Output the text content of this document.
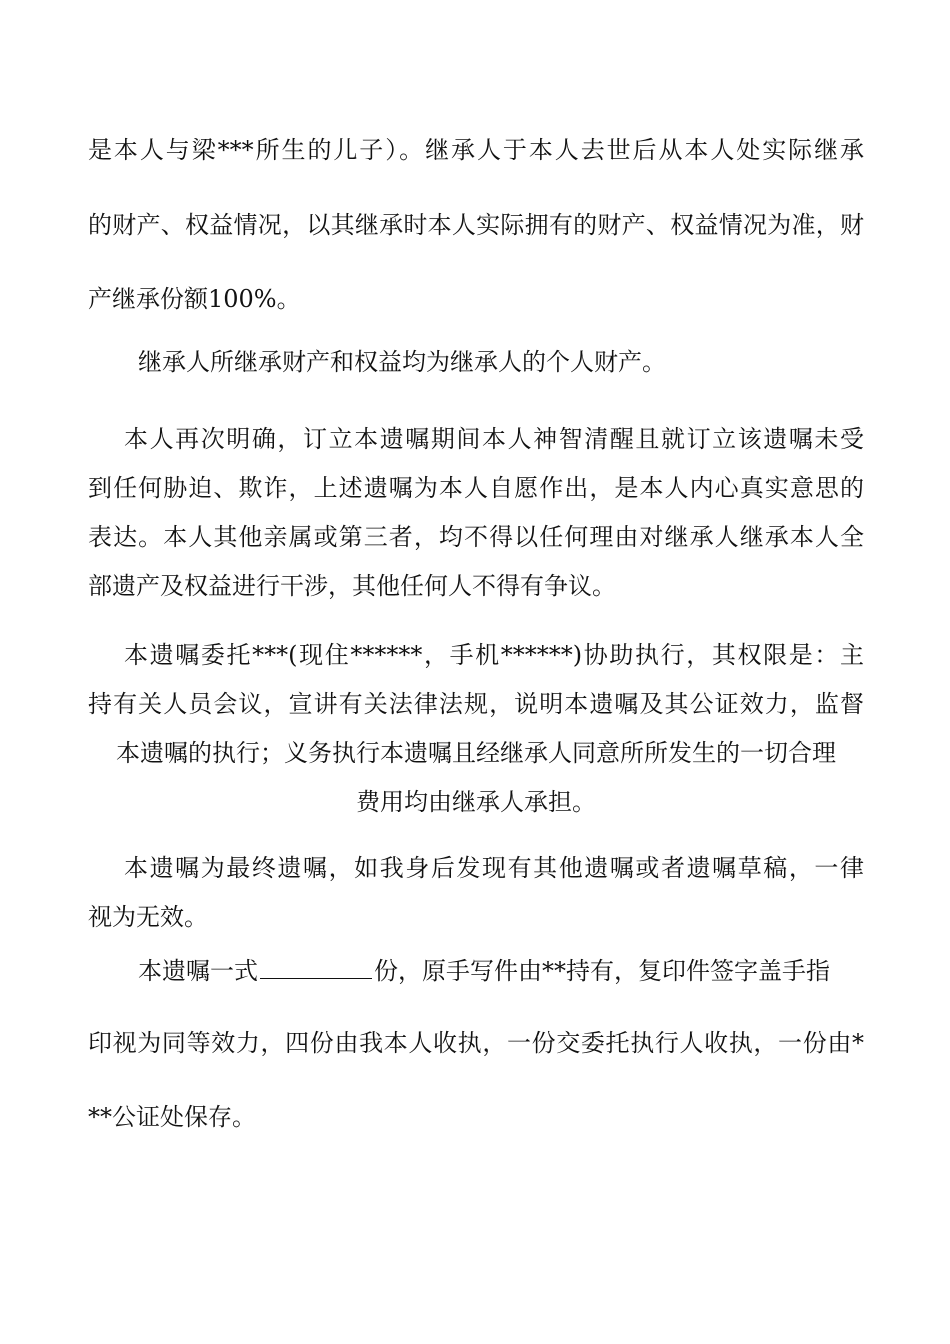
是本人与梁***所生的儿子）。继承人于本人去世后从本人处实际继承
的财产、权益情况，以其继承时本人实际拥有的财产、权益情况为准，财
产继承份额100%。
继承人所继承财产和权益均为继承人的个人财产。
本人再次明确，订立本遗嘱期间本人神智清醒且就订立该遗嘱未受
到任何胁迫、欺诈，上述遗嘱为本人自愿作出，是本人内心真实意思的
表达。本人其他亲属或第三者，均不得以任何理由对继承人继承本人全
部遗产及权益进行干涉，其他任何人不得有争议。
本遗嘱委托***(现住******，手机******)协助执行，其权限是：主
持有关人员会议，宣讲有关法律法规，说明本遗嘱及其公证效力，监督
本遗嘱的执行；义务执行本遗嘱且经继承人同意所所发生的一切合理
费用均由继承人承担。
本遗嘱为最终遗嘱，如我身后发现有其他遗嘱或者遗嘱草稿，一律
视为无效。
本遗嘱一式	份，原手写件由**持有，复印件签字盖手指
印视为同等效力，四份由我本人收执，一份交委托执行人收执，一份由*
**公证处保存。
